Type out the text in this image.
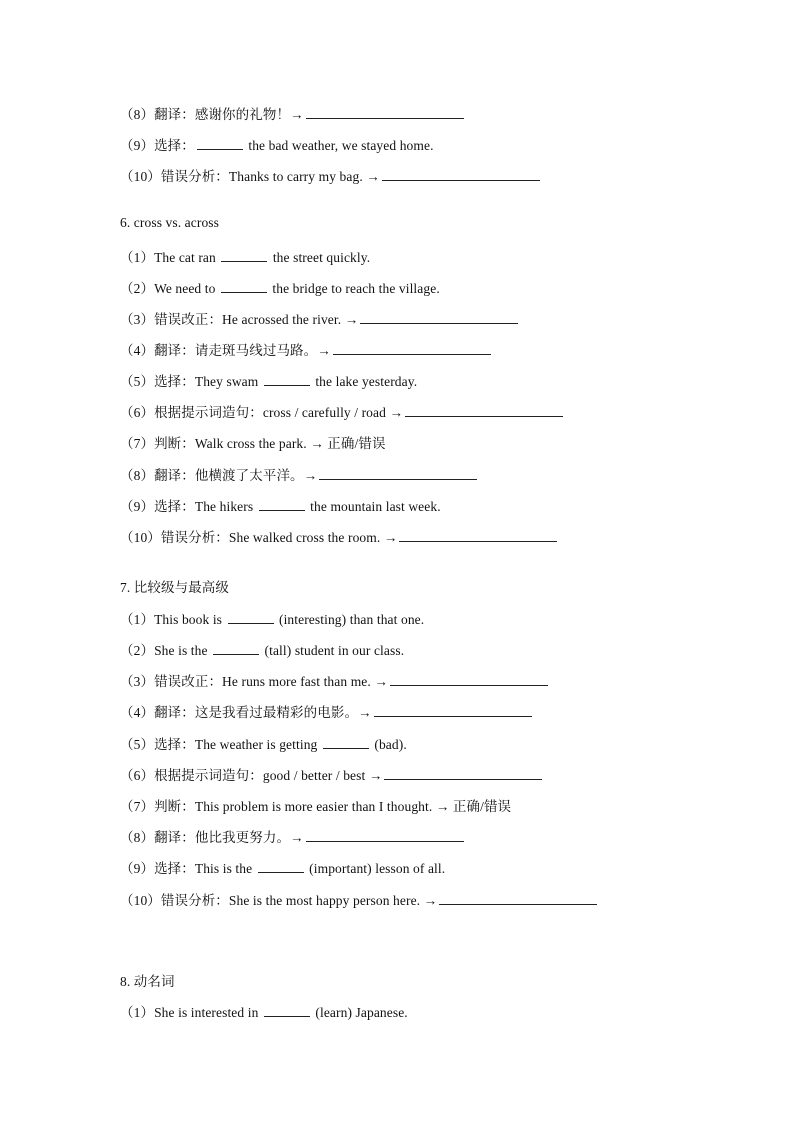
（8）翻译：感谢你的礼物！→
（9）选择：	the bad weather, we stayed home.
（10）错误分析：Thanks to carry my bag. →
6. cross vs. across
（1）The cat ran	the street quickly.
（2）We need to	the bridge to reach the village.
（3）错误改正：He acrossed the river. →
（4）翻译：请走斑马线过马路。→
（5）选择：They swam	the lake yesterday.
（6）根据提示词造句：cross / carefully / road →
（7）判断：Walk cross the park. → 正确/错误
（8）翻译：他横渡了太平洋。→
（9）选择：The hikers	the mountain last week.
（10）错误分析：She walked cross the room. →
7. 比较级与最高级
（1）This book is	(interesting) than that one.
（2）She is the	(tall) student in our class.
（3）错误改正：He runs more fast than me. →
（4）翻译：这是我看过最精彩的电影。→
（5）选择：The weather is getting	(bad).
（6）根据提示词造句：good / better / best →
（7）判断：This problem is more easier than I thought. → 正确/错误
（8）翻译：他比我更努力。→
（9）选择：This is the	(important) lesson of all.
（10）错误分析：She is the most happy person here. →
8. 动名词
（1）She is interested in	(learn) Japanese.
